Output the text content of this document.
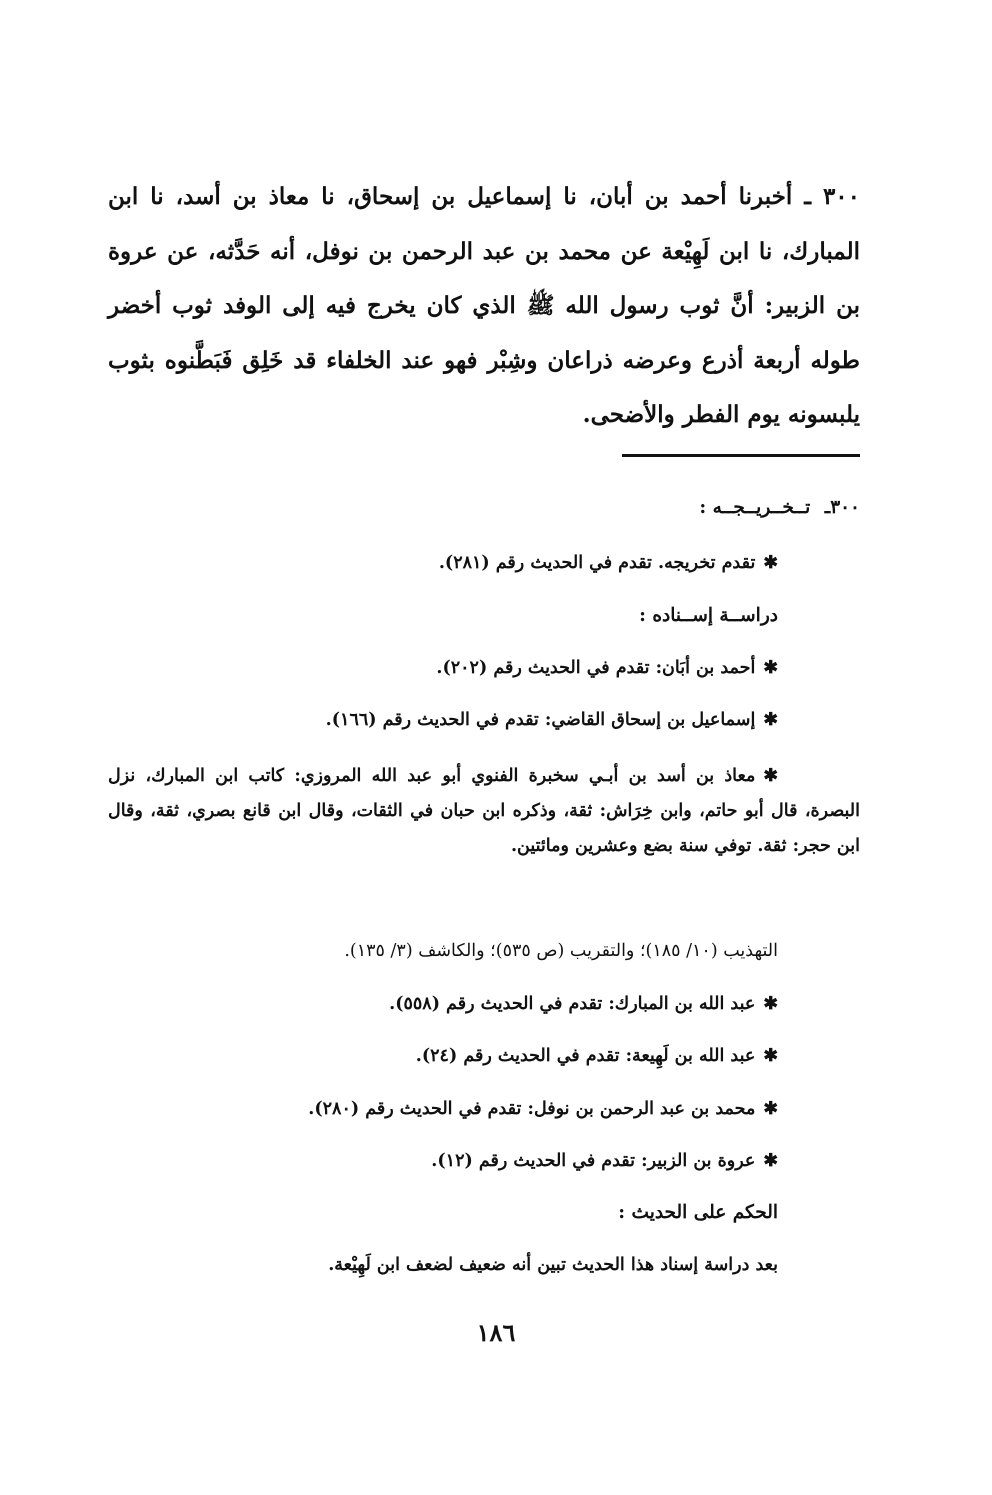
٣٠٠ ـ أخبرنا أحمد بن أبان، نا إسماعيل بن إسحاق، نا معاذ بن أسد، نا ابن المبارك، نا ابن لَهِيْعة عن محمد بن عبد الرحمن بن نوفل، أنه حَدَّثه، عن عروة بن الزبير: أنَّ ثوب رسول الله ﷺ الذي كان يخرج فيه إلى الوفد ثوب أخضر طوله أربعة أذرع وعرضه ذراعان وشِبْر فهو عند الخلفاء قد خَلِق فَبَطَّنوه بثوب يلبسونه يوم الفطر والأضحى.

٣٠٠ـ تــخــريــجــه :

✱تقدم تخريجه. تقدم في الحديث رقم (٢٨١).

دراســة إســناده :

✱أحمد بن أبَان: تقدم في الحديث رقم (٢٠٢).

✱إسماعيل بن إسحاق القاضي: تقدم في الحديث رقم (١٦٦).

✱معاذ بن أسد بن أبـي سخبرة الفنوي أبو عبد الله المروزي: كاتب ابن المبارك، نزل البصرة، قال أبو حاتم، وابن خِرَاش: ثقة، وذكره ابن حبان في الثقات، وقال ابن قانع بصري، ثقة، وقال ابن حجر: ثقة. توفي سنة بضع وعشرين ومائتين.

التهذيب (١٠/ ١٨٥)؛ والتقريب (ص ٥٣٥)؛ والكاشف (٣/ ١٣٥).

✱عبد الله بن المبارك: تقدم في الحديث رقم (٥٥٨).

✱عبد الله بن لَهِيعة: تقدم في الحديث رقم (٢٤).

✱محمد بن عبد الرحمن بن نوفل: تقدم في الحديث رقم (٢٨٠).

✱عروة بن الزبير: تقدم في الحديث رقم (١٢).

الحكم على الحديث :

بعد دراسة إسناد هذا الحديث تبين أنه ضعيف لضعف ابن لَهِيْعة.

١٨٦
